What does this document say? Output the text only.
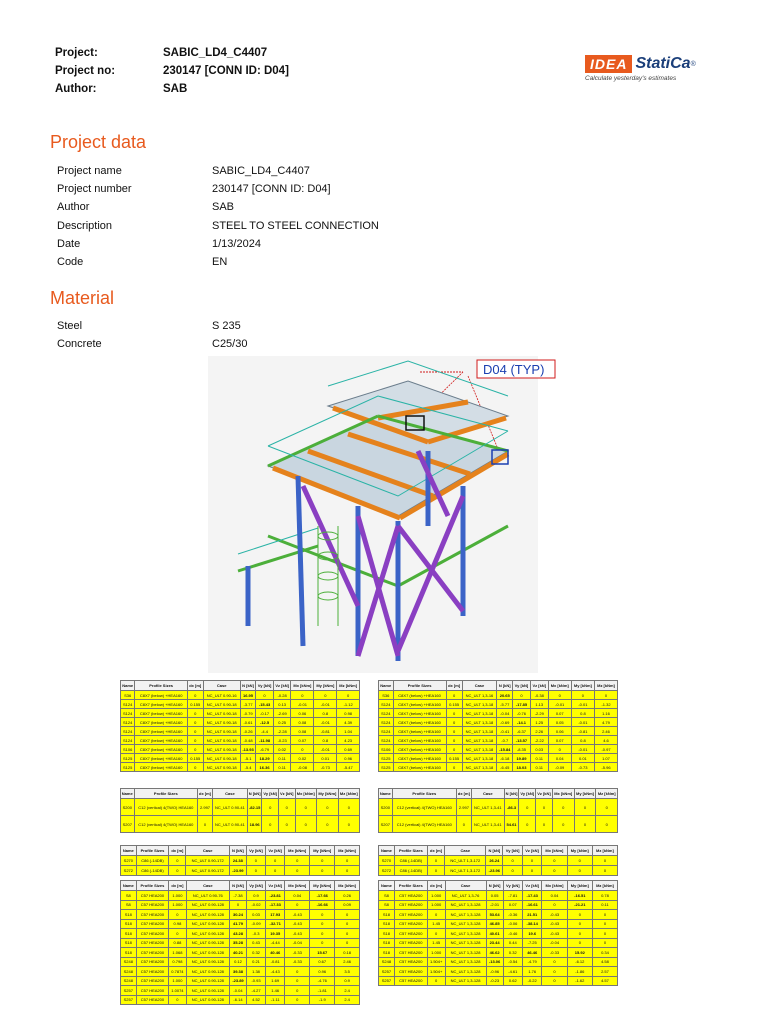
Project:	SABIC_LD4_C4407
Project no:	230147 [CONN ID: D04]
Author:	SAB
IDEA StatiCa ®
Calculate yesterday's estimates
Project data
Project name	SABIC_LD4_C4407
Project number	230147 [CONN ID: D04]
Author	SAB
Description	STEEL TO STEEL CONNECTION
Date	1/13/2024
Code	EN
Material
Steel	S 235
Concrete	C25/30
D04 (TYP)
Name	Profile Sizes	dx [m]	Case	N [kN]	Vy [kN]	Vz [kN]	Mx [kNm]	My [kNm]	Mz [kNm]
S36	C8X7 (below) +HEA160	0	NC_ULT 0.90-16	16.95	0	-0.28	0	0	0
S124	C8X7 (below) +HEA160	0.155	NC_ULT 0.90-18	-3.77	-15.43	0.13	-0.01	-0.01	-1.12
S124	C8X7 (below) +HEA160	0	NC_ULT 0.90-18	-0.79	-0.17	-2.69	0.06	0.8	0.98
S124	C8X7 (below) +HEA160	0	NC_ULT 0.90-18	-0.61	-12.5	0.25	0.08	-0.01	4.39
S124	C8X7 (below) +HEA160	0	NC_ULT 0.90-18	-0.26	-4.4	-2.28	0.08	-0.81	1.04
S124	C8X7 (below) +HEA160	0	NC_ULT 0.90-18	-0.48	-11.98	-0.23	0.07	0.8	4.23
S106	C8X7 (below) +HEA160	0	NC_ULT 0.90-18	-13.93	-6.79	0.02	0	-0.01	0.69
S125	C8X7 (below) +HEA160	0.155	NC_ULT 0.90-18	-5.1	18.29	0.11	0.02	0.01	0.96
S125	C8X7 (below) +HEA160	0	NC_ULT 0.90-18	-5.4	16.36	0.11	-0.08	-0.73	-5.47
Name	Profile Sizes	dx [m]	Case	N [kN]	Vy [kN]	Vz [kN]	Mx [kNm]	My [kNm]	Mz [kNm]
S36	C8X7 (below) +HEA160	0	NC_ULT 1,3-16	20.65	0	-0.38	0	0	0
S124	C8X7 (below) +HEA160	0.155	NC_ULT 1,3-18	-5.77	-17.85	1.13	-0.01	-0.01	-1.32
S124	C8X7 (below) +HEA160	0	NC_ULT 1,3-18	-0.04	-0.76	-2.29	0.07	0.8	1.16
S124	C8X7 (below) +HEA160	0	NC_ULT 1,3-18	-0.69	-14.1	1.25	0.05	-0.01	4.79
S124	C8X7 (below) +HEA160	0	NC_ULT 1,3-18	-0.41	-6.37	2.26	0.06	-0.81	2.46
S124	C8X7 (below) +HEA160	0	NC_ULT 1,3-18	-0.7	-13.57	-2.22	0.07	0.8	4.6
S106	C8X7 (below) +HEA160	0	NC_ULT 1,3-18	-15.84	-8.35	0.03	0	-0.01	-0.97
S125	C8X7 (below) +HEA160	0.155	NC_ULT 1,3-18	-6.18	19.89	0.11	0.04	0.01	1.07
S125	C8X7 (below) +HEA160	0	NC_ULT 1,3-18	-6.45	18.03	0.11	-0.09	-0.73	-5.96
Name	Profile Sizes	dx [m]	Case	N [kN]	Vy [kN]	Vz [kN]	Mx [kNm]	My [kNm]	Mz [kNm]
S200	C12 (vertical) 4(TWO) HEA160	2.997	NC_ULT 0.90-41	-82.15	0	0	0	0	0
S207	C12 (vertical) 4(TWO) HEA160	0	NC_ULT 0.90-41	18.96	0	0	0	0	0
Name	Profile Sizes	dx [m]	Case	N [kN]	Vy [kN]	Vz [kN]	Mx [kNm]	My [kNm]	Mz [kNm]
S200	C12 (vertical) 4(TWO) HEA160	2.997	NC_ULT 1,3-41	-86.3	0	0	0	0	0
S207	C12 (vertical) 4(TWO) HEA160	0	NC_ULT 1,3-41	54.61	0	0	0	0	0
Name	Profile Sizes	dx [m]	Case	N [kN]	Vy [kN]	Vz [kN]	Mx [kNm]	My [kNm]	Mz [kNm]
S270	C86 (-14DB)	0	NC_ULT 0.90-172	24.38	0	0	0	0	0
S272	C86 (-14DB)	0	NC_ULT 0.90-172	-23.99	0	0	0	0	0
Name	Profile Sizes	dx [m]	Case	N [kN]	Vy [kN]	Vz [kN]	Mx [kNm]	My [kNm]	Mz [kNm]
S270	C86 (-14DB)	0	NC_ULT 1,3-172	26.24	0	0	0	0	0
S272	C86 (-14DB)	0	NC_ULT 1,3-172	-23.96	0	0	0	0	0
Name	Profile Sizes	dx [m]	Case	N [kN]	Vy [kN]	Vz [kN]	Mx [kNm]	My [kNm]	Mz [kNm]
S8	C57 HEA200	1.000	NC_ULT 0.90-76	-7.38	0.9	-23.81	0.04	-17.66	0.26
S8	C57 HEA200	1.000	NC_ULT 0.90-128	0	-0.02	-17.33	0	-16.66	0.09
S18	C57 HEA200	0	NC_ULT 0.90-128	30.24	0.03	17.93	-0.43	0	0
S18	C57 HEA200	0.98	NC_ULT 0.90-128	41.79	-0.09	-32.71	-0.43	0	0
S18	C57 HEA200	0	NC_ULT 0.90-128	43.28	-0.3	19.35	-0.43	0	0
S18	C57 HEA200	0.88	NC_ULT 0.90-128	35.28	0.43	-4.44	-0.04	0	0
S18	C57 HEA200	1.068	NC_ULT 0.90-128	40.21	0.32	40.46	-0.33	15.67	0.18
S248	C57 HEA200	0.798	NC_ULT 0.90-128	0.12	0.21	-0.81	-0.33	0.67	2.46
S248	C57 HEA200	0.7874	NC_ULT 0.90-128	39.38	1.38	-4.43	0	0.96	3.5
S248	C57 HEA200	1.000	NC_ULT 0.90-128	-23.89	-0.93	1.69	0	-4.76	0.9
S257	C57 HEA200	1.0074	NC_ULT 0.90-128	-0.04	-4.27	1.46	0	-1.81	2.4
S257	C57 HEA200	0	NC_ULT 0.90-128	-6.14	4.52	-1.11	0	-1.9	2.4
Name	Profile Sizes	dx [m]	Case	N [kN]	Vy [kN]	Vz [kN]	Mx [kNm]	My [kNm]	Mz [kNm]
S8	C57 HEA200	1.000	NC_ULT 1,3-76	0.05	-7.81	-17.43	0.04	-16.51	0.78
S8	C57 HEA200	1.000	NC_ULT 1,3-128	-2.01	0.07	-16.61	0	-21.21	0.11
S18	C57 HEA200	0	NC_ULT 1,3-128	53.64	-0.36	21.51	-0.43	0	0
S18	C57 HEA200	1.45	NC_ULT 1,3-128	46.85	-0.06	-38.14	-0.43	0	0
S18	C57 HEA200	0	NC_ULT 1,3-128	40.61	-0.46	19.6	-0.43	0	0
S18	C57 HEA200	1.45	NC_ULT 1,3-128	23.44	0.44	-7.25	-0.04	0	0
S18	C57 HEA200	1.000	NC_ULT 1,3-128	46.62	0.32	46.46	-0.33	15.92	0.34
S248	C57 HEA200	1.504+	NC_ULT 1,3-128	-13.06	-0.54	-4.79	0	-6.12	4.58
S257	C57 HEA200	1.504+	NC_ULT 1,3-128	-0.96	-4.61	1.76	0	-1.86	2.57
S257	C57 HEA200	0	NC_ULT 1,3-128	-0.23	0.62	-0.22	0	-1.62	4.57
